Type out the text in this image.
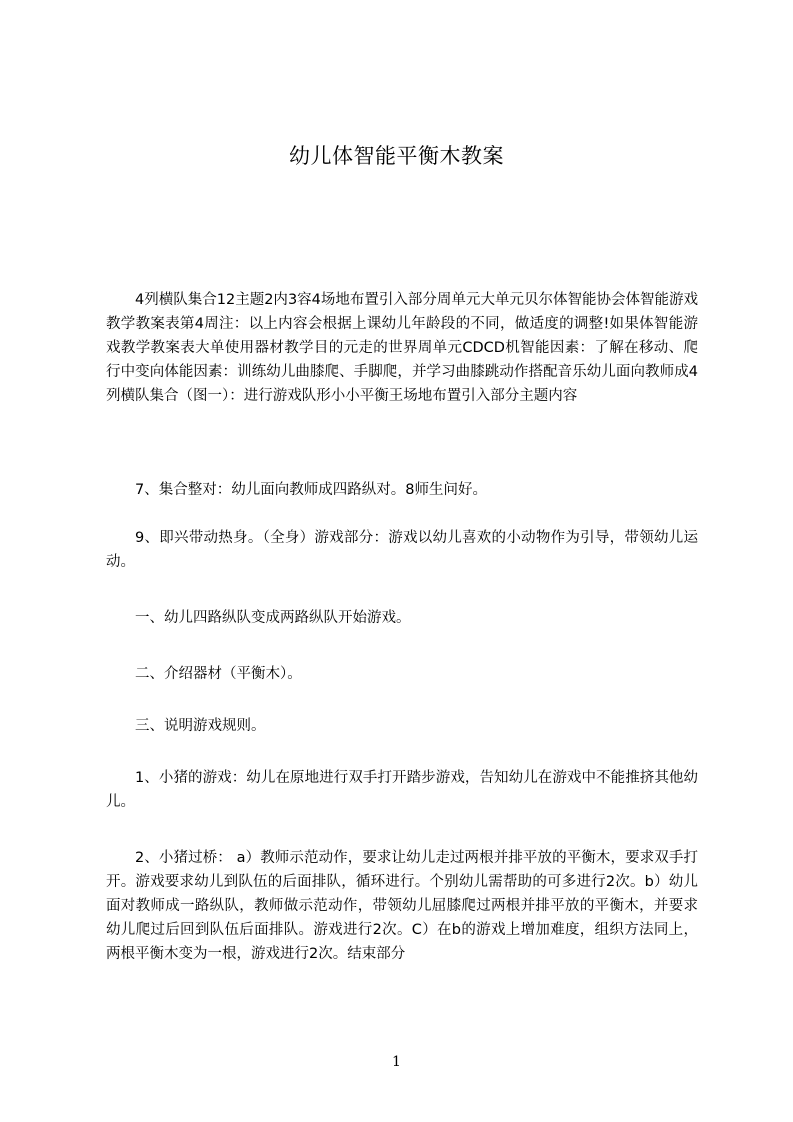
幼儿体智能平衡木教案

4列横队集合12主题2内3容4场地布置引入部分周单元大单元贝尔体智能协会体智能游戏教学教案表第4周注：以上内容会根据上课幼儿年龄段的不同，做适度的调整!如果体智能游戏教学教案表大单使用器材教学目的元走的世界周单元CDCD机智能因素：了解在移动、爬行中变向体能因素：训练幼儿曲膝爬、手脚爬，并学习曲膝跳动作搭配音乐幼儿面向教师成4列横队集合（图一）：进行游戏队形小小平衡王场地布置引入部分主题内容

7、集合整对：幼儿面向教师成四路纵对。8师生问好。

9、即兴带动热身。（全身）游戏部分：游戏以幼儿喜欢的小动物作为引导，带领幼儿运动。

一、幼儿四路纵队变成两路纵队开始游戏。

二、介绍器材（平衡木）。

三、说明游戏规则。

1、小猪的游戏：幼儿在原地进行双手打开踏步游戏，告知幼儿在游戏中不能推挤其他幼儿。

2、小猪过桥： a）教师示范动作，要求让幼儿走过两根并排平放的平衡木，要求双手打开。游戏要求幼儿到队伍的后面排队，循环进行。个别幼儿需帮助的可多进行2次。b）幼儿面对教师成一路纵队，教师做示范动作，带领幼儿屈膝爬过两根并排平放的平衡木，并要求幼儿爬过后回到队伍后面排队。游戏进行2次。C）在b的游戏上增加难度，组织方法同上，两根平衡木变为一根，游戏进行2次。结束部分

1
